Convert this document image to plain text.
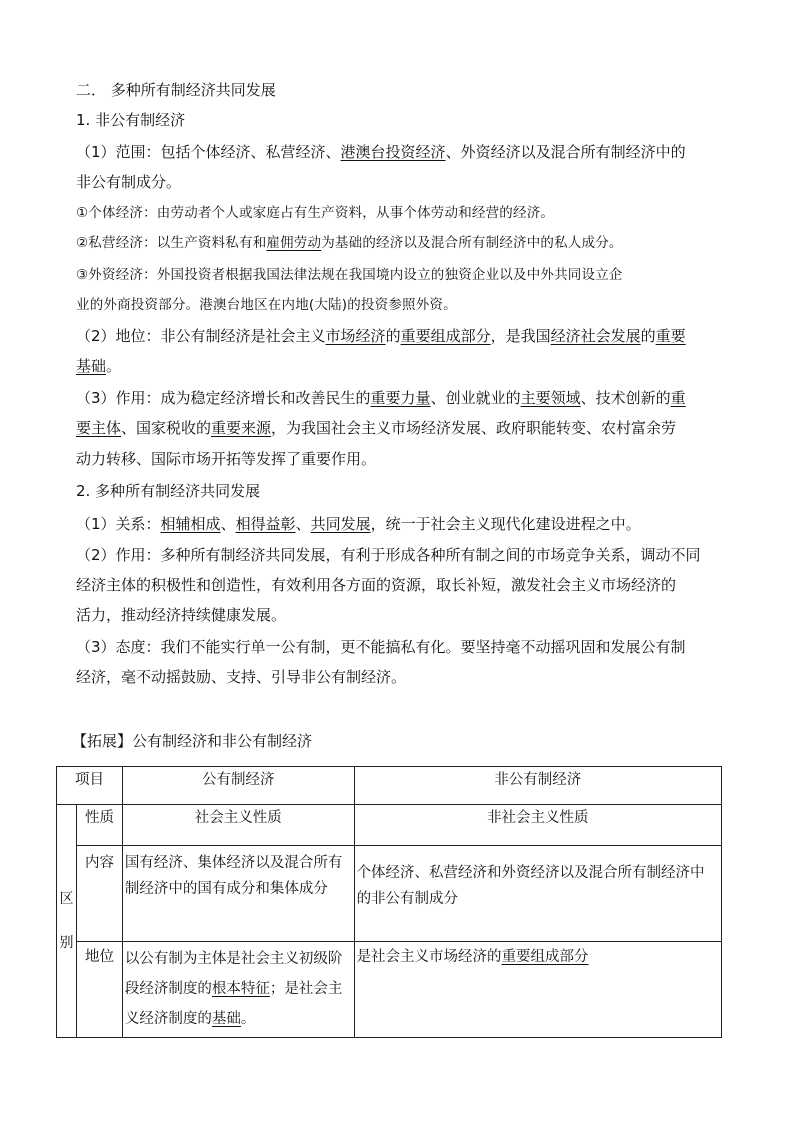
二． 多种所有制经济共同发展
1. 非公有制经济
（1）范围：包括个体经济、私营经济、港澳台投资经济、外资经济以及混合所有制经济中的
非公有制成分。
①个体经济：由劳动者个人或家庭占有生产资料，从事个体劳动和经营的经济。
②私营经济：以生产资料私有和雇佣劳动为基础的经济以及混合所有制经济中的私人成分。
③外资经济：外国投资者根据我国法律法规在我国境内设立的独资企业以及中外共同设立企
业的外商投资部分。港澳台地区在内地(大陆)的投资参照外资。
（2）地位：非公有制经济是社会主义市场经济的重要组成部分，是我国经济社会发展的重要
基础。
（3）作用：成为稳定经济增长和改善民生的重要力量、创业就业的主要领域、技术创新的重
要主体、国家税收的重要来源，为我国社会主义市场经济发展、政府职能转变、农村富余劳
动力转移、国际市场开拓等发挥了重要作用。
2. 多种所有制经济共同发展
（1）关系：相辅相成、相得益彰、共同发展，统一于社会主义现代化建设进程之中。
（2）作用：多种所有制经济共同发展，有利于形成各种所有制之间的市场竞争关系，调动不同
经济主体的积极性和创造性，有效利用各方面的资源，取长补短，激发社会主义市场经济的
活力，推动经济持续健康发展。
（3）态度：我们不能实行单一公有制，更不能搞私有化。要坚持毫不动摇巩固和发展公有制
经济，毫不动摇鼓励、支持、引导非公有制经济。
【拓展】公有制经济和非公有制经济
项目		公有制经济	非公有制经济
区别	性质	社会主义性质	非社会主义性质
	内容	国有经济、集体经济以及混合所有制经济中的国有成分和集体成分	个体经济、私营经济和外资经济以及混合所有制经济中的非公有制成分
	地位	以公有制为主体是社会主义初级阶段经济制度的根本特征；是社会主义经济制度的基础。	是社会主义市场经济的重要组成部分
